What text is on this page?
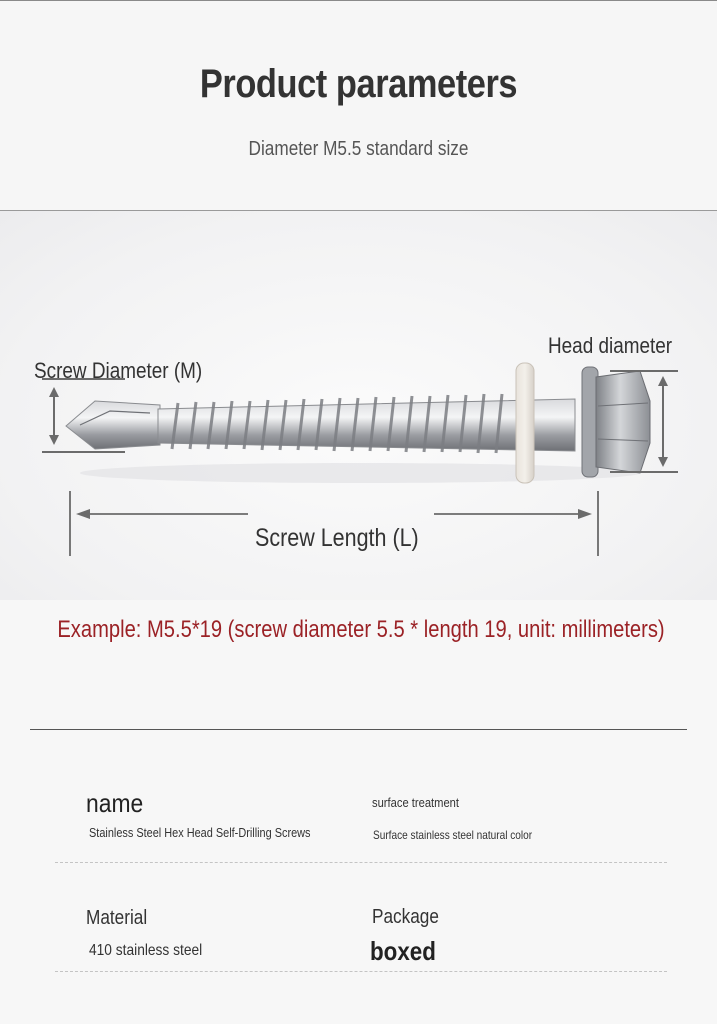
Product parameters
Diameter M5.5 standard size
Screw Diameter (M)
Head diameter
Screw Length (L)
Example: M5.5*19 (screw diameter 5.5 * length 19, unit: millimeters)
name
Stainless Steel Hex Head Self-Drilling Screws
surface treatment
Surface stainless steel natural color
Material
410 stainless steel
Package
boxed
